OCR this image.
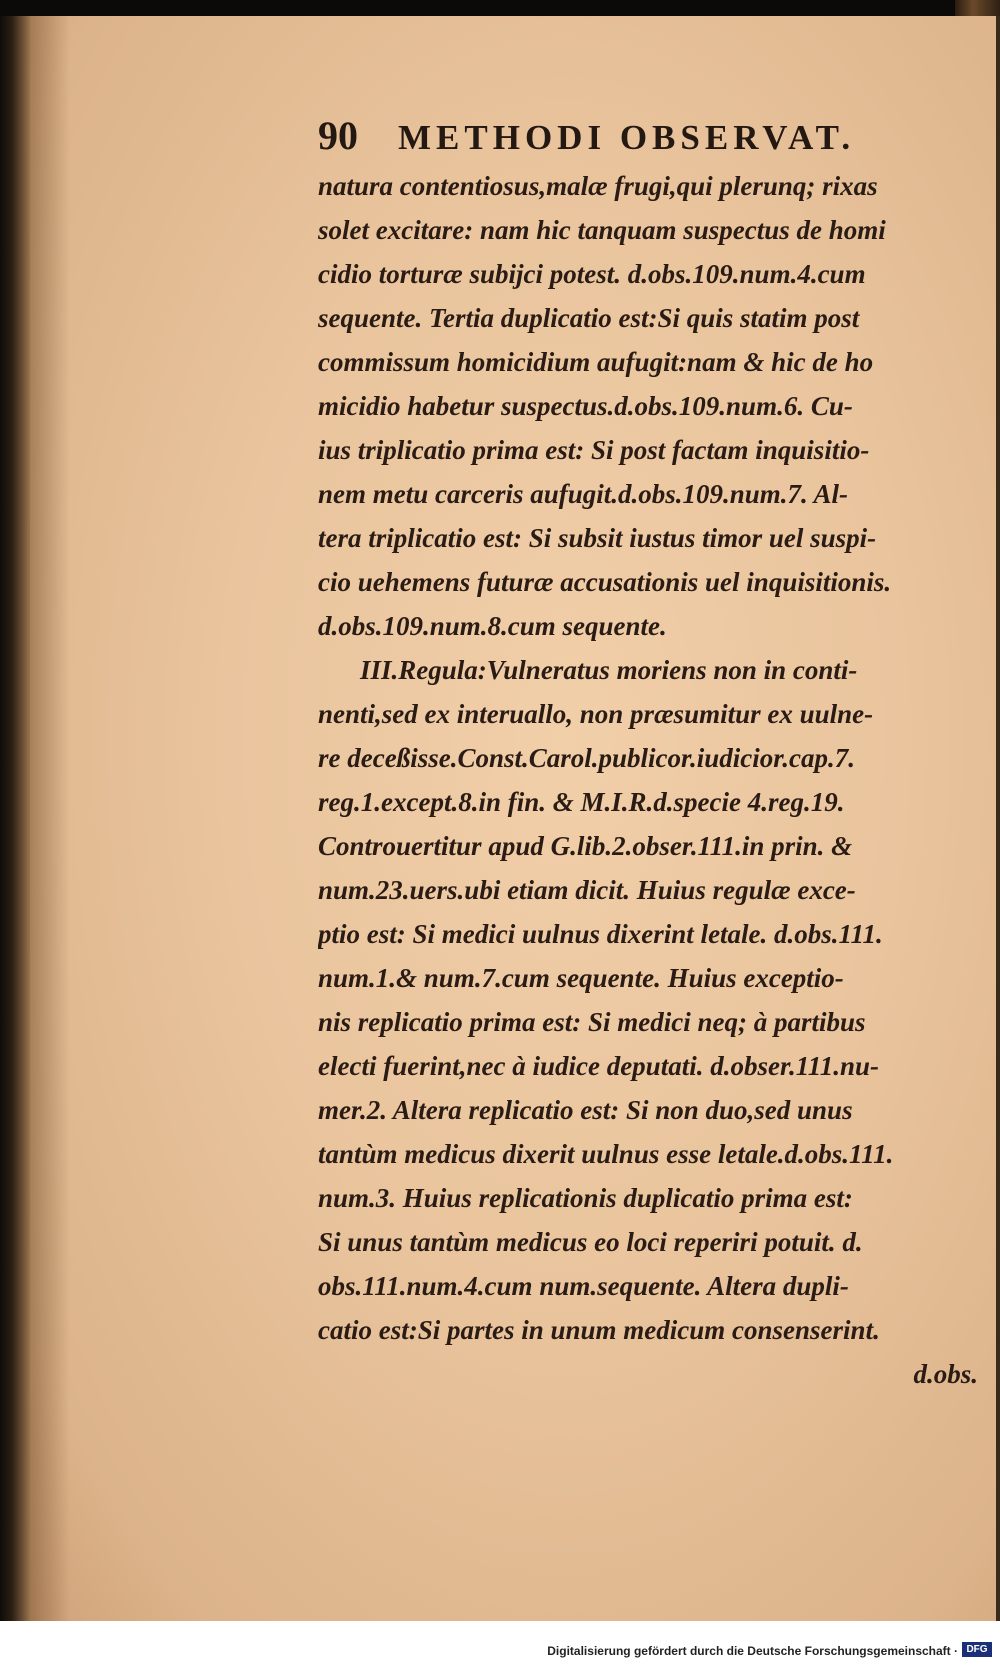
90 METHODI OBSERVAT.
natura contentiosus,malæ frugi,qui plerunq; rixas
solet excitare: nam hic tanquam suspectus de homi
cidio torturæ subijci potest. d.obs.109.num.4.cum
sequente. Tertia duplicatio est:Si quis statim post
commissum homicidium aufugit:nam & hic de ho
micidio habetur suspectus.d.obs.109.num.6. Cu-
ius triplicatio prima est: Si post factam inquisitio-
nem metu carceris aufugit.d.obs.109.num.7. Al-
tera triplicatio est: Si subsit iustus timor uel suspi-
cio uehemens futuræ accusationis uel inquisitionis.
d.obs.109.num.8.cum sequente.
III.Regula:Vulneratus moriens non in conti-
nenti,sed ex interuallo, non præsumitur ex uulne-
re deceßisse.Const.Carol.publicor.iudicior.cap.7.
reg.1.except.8.in fin. & M.I.R.d.specie 4.reg.19.
Controuertitur apud G.lib.2.obser.111.in prin. &
num.23.uers.ubi etiam dicit. Huius regulæ exce-
ptio est: Si medici uulnus dixerint letale. d.obs.111.
num.1.& num.7.cum sequente. Huius exceptio-
nis replicatio prima est: Si medici neq; à partibus
electi fuerint,nec à iudice deputati. d.obser.111.nu-
mer.2. Altera replicatio est: Si non duo,sed unus
tantùm medicus dixerit uulnus esse letale.d.obs.111.
num.3. Huius replicationis duplicatio prima est:
Si unus tantùm medicus eo loci reperiri potuit. d.
obs.111.num.4.cum num.sequente. Altera dupli-
catio est:Si partes in unum medicum consenserint.
d.obs.
Digitalisierung gefördert durch die Deutsche Forschungsgemeinschaft · DFG
